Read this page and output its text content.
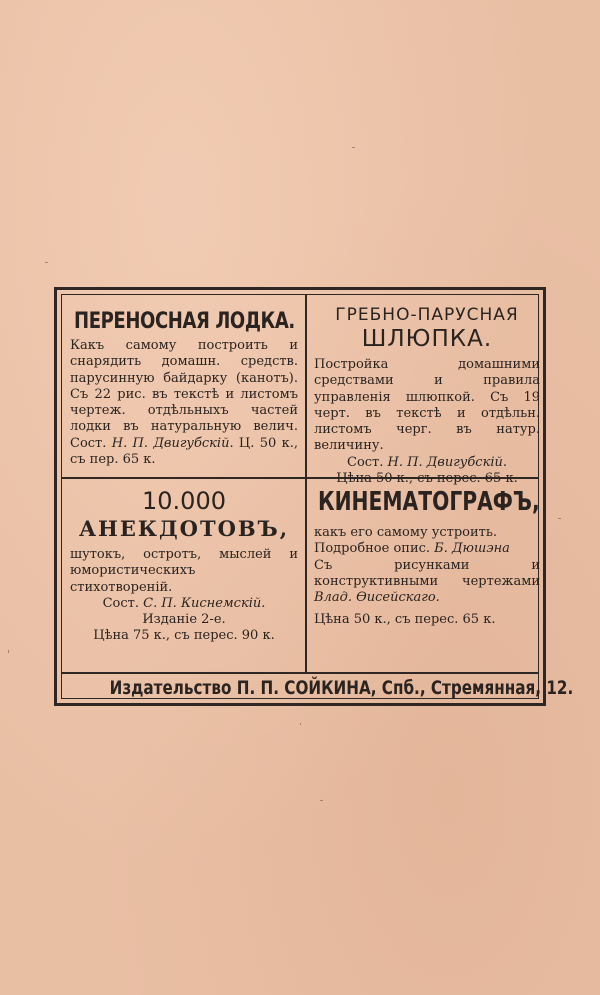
ПЕРЕНОСНАЯ ЛОДКА.
Какъ самому построить и снарядить домашн. средств. парусинную байдарку (канотъ). Съ 22 рис. въ текстѣ и листомъ чертеж. отдѣльныхъ частей лодки въ натуральную велич. Сост. Н. П. Двигубскій. Ц. 50 к., съ пер. 65 к.
ГРЕБНО-ПАРУСНАЯ
ШЛЮПКА.
Постройка домашними средствами и правила управленія шлюпкой. Съ 19 черт. въ текстѣ и отдѣльн. листомъ черг. въ натур. величину.
Сост. Н. П. Двигубскій.
Цѣна 50 к., съ перес. 65 к.
10.000
АНЕКДОТОВЪ,
шутокъ, остротъ, мыслей и юмористическихъ стихотвореній.
Сост. С. П. Киснемскій.
Изданіе 2-е.
Цѣна 75 к., съ перес. 90 к.
КИНЕМАТОГРАФЪ,
какъ его самому устроить.
Подробное опис. Б. Дюшэна
Съ рисунками и конструктивными чертежами Влад. Ѳисейскаго.
Цѣна 50 к., съ перес. 65 к.
Издательство П. П. СОЙКИНА, Спб., Стремянная, 12.
